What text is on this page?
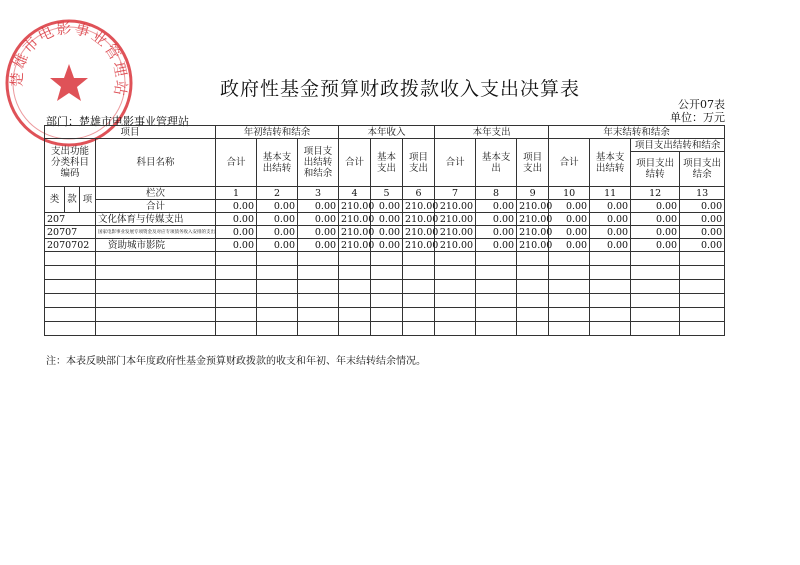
楚雄市电影事业管理站	政府性基金预算财政拨款收入支出决算表
公开07表
单位：万元
部门：楚雄市电影事业管理站
项目				年初结转和结余			本年收入			本年支出			年末结转和结余			
支出功能分类科目编码			科目名称	合计	基本支出结转	项目支出结转和结余	合计	基本支出	项目支出	合计	基本支出	项目支出	合计	基本支出结转	项目支出结转和结余	
															项目支出结转	项目支出结余

类	款	项	栏次	1	2	3	4	5	6	7	8	9	10	11	12	13
			合计	0.00	0.00	0.00	210.00	0.00	210.00	210.00	0.00	210.00	0.00	0.00	0.00	0.00
207			文化体育与传媒支出	0.00	0.00	0.00	210.00	0.00	210.00	210.00	0.00	210.00	0.00	0.00	0.00	0.00
20707			国家电影事业发展专项资金及对应专项债务收入安排的支出	0.00	0.00	0.00	210.00	0.00	210.00	210.00	0.00	210.00	0.00	0.00	0.00	0.00
2070702			资助城市影院	0.00	0.00	0.00	210.00	0.00	210.00	210.00	0.00	210.00	0.00	0.00	0.00	0.00

注：本表反映部门本年度政府性基金预算财政拨款的收支和年初、年末结转结余情况。
